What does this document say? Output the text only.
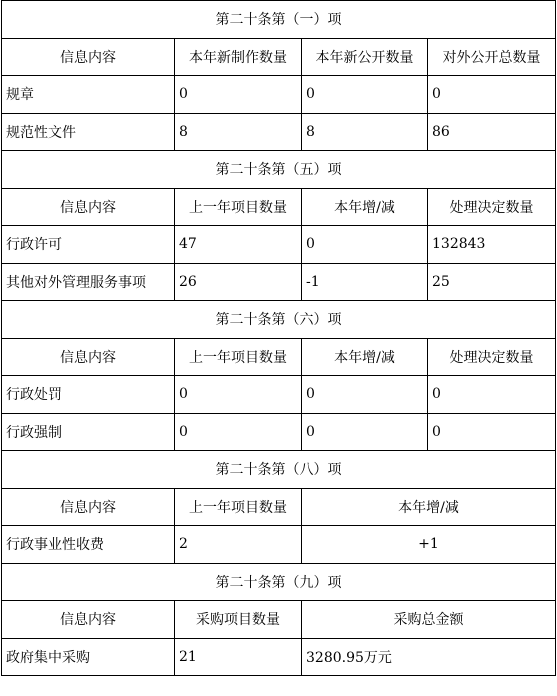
第二十条第（一）项			
信息内容	本年新制作数量	本年新公开数量	对外公开总数量
规章	0	0	0
规范性文件	8	8	86
第二十条第（五）项			
信息内容	上一年项目数量	本年增/减	处理决定数量
行政许可	47	0	132843
其他对外管理服务事项	26	-1	25
第二十条第（六）项			
信息内容	上一年项目数量	本年增/减	处理决定数量
行政处罚	0	0	0
行政强制	0	0	0
第二十条第（八）项			
信息内容	上一年项目数量	本年增/减	
行政事业性收费	2	+1	
第二十条第（九）项			
信息内容	采购项目数量	采购总金额	
政府集中采购	21	3280.95万元	
